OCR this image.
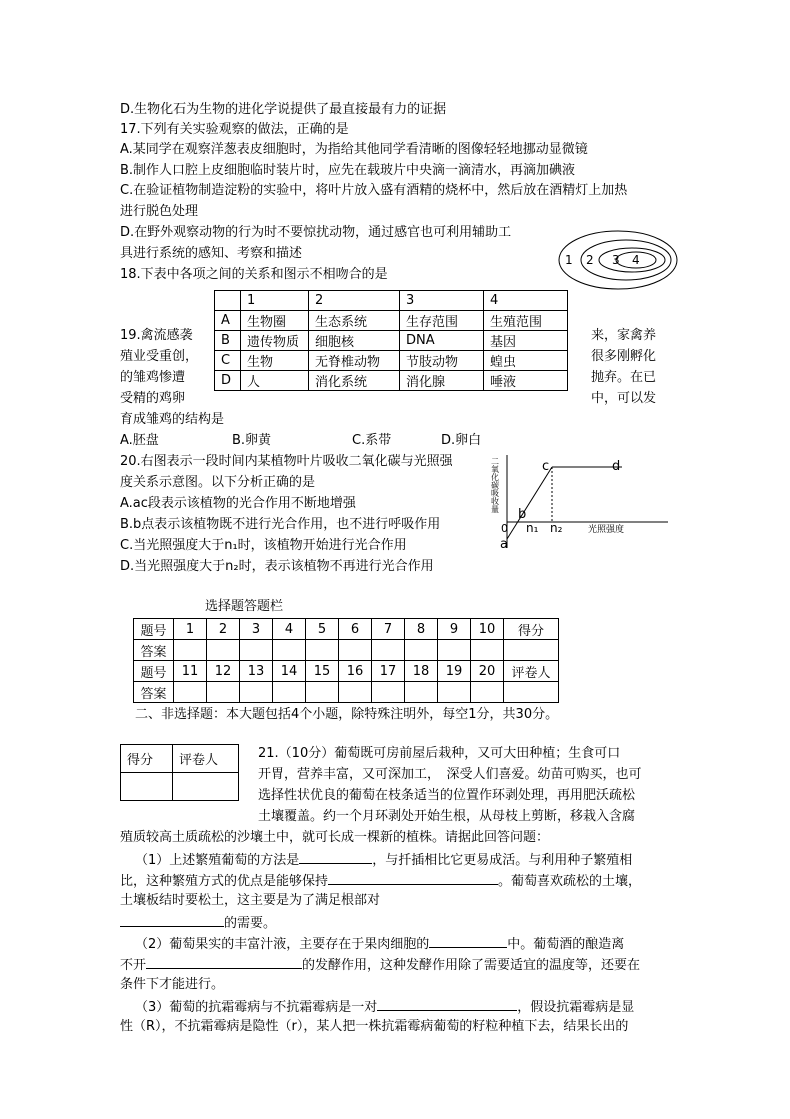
D.生物化石为生物的进化学说提供了最直接最有力的证据
17.下列有关实验观察的做法，正确的是
A.某同学在观察洋葱表皮细胞时，为指给其他同学看清晰的图像轻轻地挪动显微镜
B.制作人口腔上皮细胞临时装片时，应先在载玻片中央滴一滴清水，再滴加碘液
C.在验证植物制造淀粉的实验中，将叶片放入盛有酒精的烧杯中，然后放在酒精灯上加热
进行脱色处理
D.在野外观察动物的行为时不要惊扰动物，通过感官也可利用辅助工
具进行系统的感知、考察和描述	1 2 3 4
18.下表中各项之间的关系和图示不相吻合的是
	1	2	3	4
A	生物圈	生态系统	生存范围	生殖范围
B	遗传物质	细胞核	DNA	基因
C	生物	无脊椎动物	节肢动物	蝗虫
D	人	消化系统	消化腺	唾液
19.禽流感袭
殖业受重创，
的雏鸡惨遭
受精的鸡卵
来，家禽养
很多刚孵化
抛弃。在已
中，可以发
育成雏鸡的结构是
A.胚盘	B.卵黄	C.系带	D.卵白
20.右图表示一段时间内某植物叶片吸收二氧化碳与光照强
度关系示意图。以下分析正确的是
A.ac段表示该植物的光合作用不断地增强
B.b点表示该植物既不进行光合作用，也不进行呼吸作用
C.当光照强度大于n₁时，该植物开始进行光合作用
D.当光照强度大于n₂时，表示该植物不再进行光合作用
二氧化碳吸收量
光照强度
0
a
b
c	d
n₁ n₂
选择题答题栏
题号	1	2	3	4	5	6	7	8	9	10	得分
答案											
题号	11	12	13	14	15	16	17	18	19	20	评卷人
答案											
二、非选择题：本大题包括4个小题，除特殊注明外，每空1分，共30分。
得分	评卷人
		21.（10分）葡萄既可房前屋后栽种，又可大田种植；生食可口
开胃，营养丰富，又可深加工，　深受人们喜爱。幼苗可购买，也可
选择性状优良的葡萄在枝条适当的位置作环剥处理，再用肥沃疏松
土壤覆盖。约一个月环剥处开始生根，从母枝上剪断，移栽入含腐
殖质较高土质疏松的沙壤土中，就可长成一棵新的植株。请据此回答问题：
（1）上述繁殖葡萄的方法是	，与扦插相比它更易成活。与利用种子繁殖相
比，这种繁殖方式的优点是能够保持	。葡萄喜欢疏松的土壤，
土壤板结时要松土，这主要是为了满足根部对
的需要。
（2）葡萄果实的丰富汁液，主要存在于果肉细胞的	中。葡萄酒的酿造离
不开	的发酵作用，这种发酵作用除了需要适宜的温度等，还要在
条件下才能进行。
（3）葡萄的抗霜霉病与不抗霜霉病是一对	，假设抗霜霉病是显
性（R），不抗霜霉病是隐性（r），某人把一株抗霜霉病葡萄的籽粒种植下去，结果长出的
